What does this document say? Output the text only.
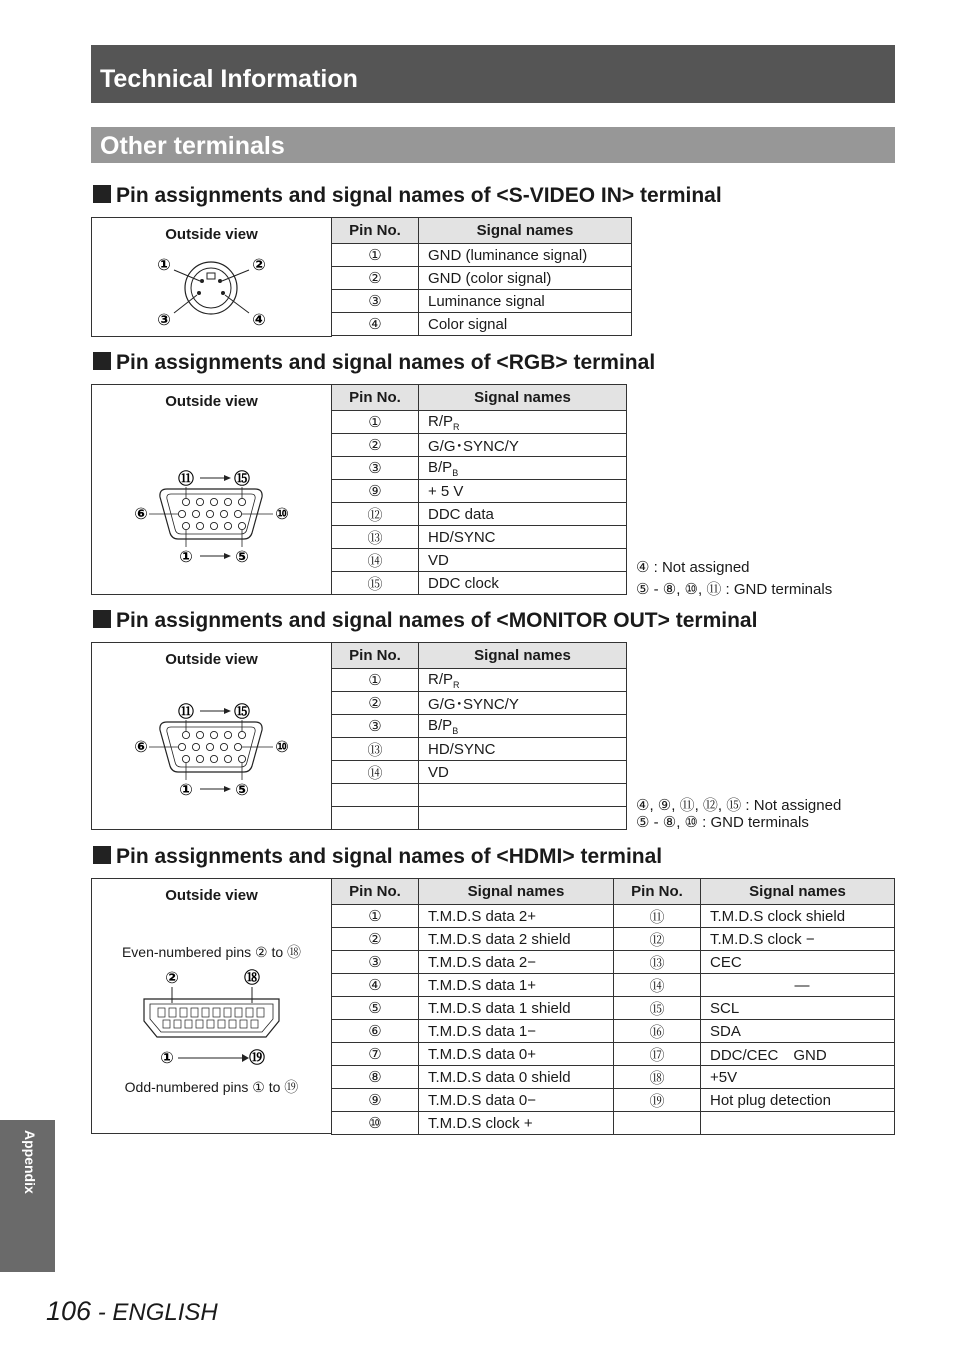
Technical Information
Other terminals
Pin assignments and signal names of <S-VIDEO IN> terminal
Outside view
①	②
③	④
Pin No.	Signal names
①	GND (luminance signal)
②	GND (color signal)
③	Luminance signal
④	Color signal
Pin assignments and signal names of <RGB> terminal
Outside view
⑪ ⑮
⑥	⑩
①	⑤
Pin No.	Signal names
①	$R/P_R$
②	G/G･SYNC/Y
③	$B/P_B$
⑨	+ 5 V
⑫	DDC data
⑬	HD/SYNC
⑭	VD
⑮	DDC clock
④ : Not assigned
⑤ - ⑧, ⑩, ⑪ : GND terminals
Pin assignments and signal names of <MONITOR OUT> terminal
Outside view
⑪ ⑮
⑥	⑩
①	⑤
Pin No.	Signal names
①	$R/P_R$
②	G/G･SYNC/Y
③	$B/P_B$
⑬	HD/SYNC
⑭	VD

④, ⑨, ⑪, ⑫, ⑮ : Not assigned
⑤ - ⑧, ⑩ : GND terminals
Pin assignments and signal names of <HDMI> terminal
Outside view
Even-numbered pins ② to ⑱
②	⑱
①	⑲
Odd-numbered pins ① to ⑲
Pin No.	Signal names	Pin No.	Signal names
①	T.M.D.S data 2+	⑪	T.M.D.S clock shield
②	T.M.D.S data 2 shield	⑫	T.M.D.S clock −
③	T.M.D.S data 2−	⑬	CEC
④	T.M.D.S data 1+	⑭	—
⑤	T.M.D.S data 1 shield	⑮	SCL
⑥	T.M.D.S data 1−	⑯	SDA
⑦	T.M.D.S data 0+	⑰	DDC/CEC　GND
⑧	T.M.D.S data 0 shield	⑱	+5V
⑨	T.M.D.S data 0−	⑲	Hot plug detection
⑩	T.M.D.S clock +		
Appendix
106 - ENGLISH
